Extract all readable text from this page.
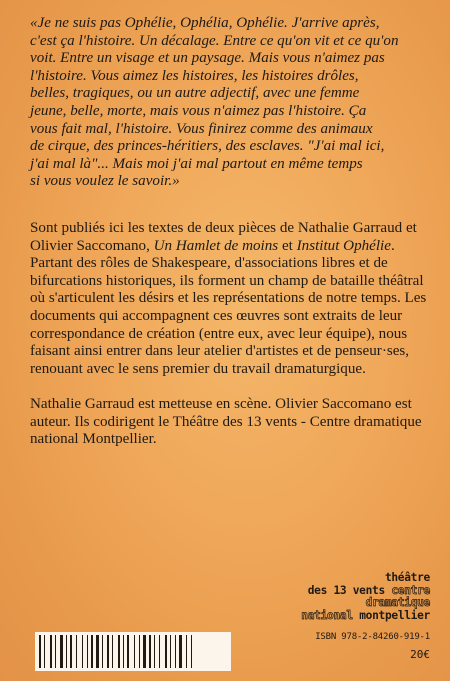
«Je ne suis pas Ophélie, Ophélia, Ophélie. J'arrive après,

c'est ça l'histoire. Un décalage. Entre ce qu'on vit et ce qu'on

voit. Entre un visage et un paysage. Mais vous n'aimez pas

l'histoire. Vous aimez les histoires, les histoires drôles,

belles, tragiques, ou un autre adjectif, avec une femme

jeune, belle, morte, mais vous n'aimez pas l'histoire. Ça

vous fait mal, l'histoire. Vous finirez comme des animaux

de cirque, des princes-héritiers, des esclaves. "J'ai mal ici,

j'ai mal là"... Mais moi j'ai mal partout en même temps

si vous voulez le savoir.»

Sont publiés ici les textes de deux pièces de Nathalie Garraud et Olivier Saccomano, Un Hamlet de moins et Institut Ophélie. Partant des rôles de Shakespeare, d'associations libres et de bifurcations historiques, ils forment un champ de bataille théâtral où s'articulent les désirs et les représentations de notre temps. Les documents qui accompagnent ces œuvres sont extraits de leur correspondance de création (entre eux, avec leur équipe), nous faisant ainsi entrer dans leur atelier d'artistes et de penseur·ses, renouant avec le sens premier du travail dramaturgique.

Nathalie Garraud est metteuse en scène. Olivier Saccomano est auteur. Ils codirigent le Théâtre des 13 vents - Centre dramatique national Montpellier.

théâtre
des 13 vents centre
dramatique
national montpellier
ISBN 978-2-84260-919-1
20€
